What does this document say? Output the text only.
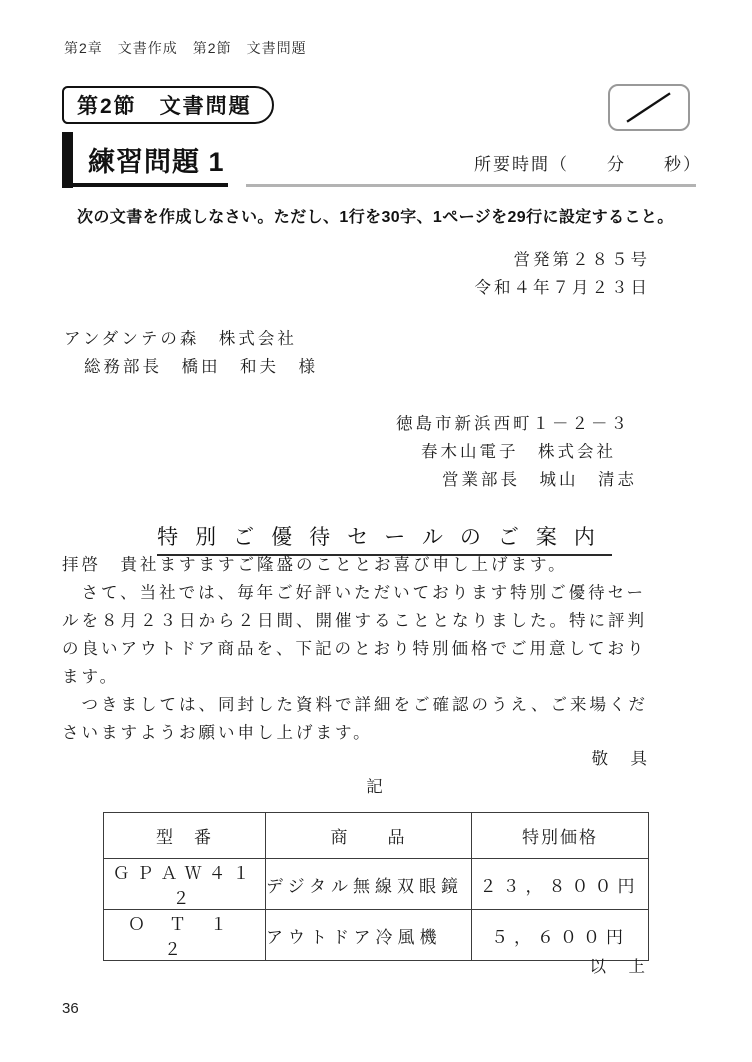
第2章　文書作成　第2節　文書問題
第2節　文書問題
練習問題 1	所要時間（　　分　　秒）
次の文書を作成しなさい。ただし、1行を30字、1ページを29行に設定すること。
営発第２８５号
令和４年７月２３日
アンダンテの森　株式会社
総務部長　橋田　和夫　様
徳島市新浜西町１－２－３
春木山電子　株式会社
営業部長　城山　清志
特別ご優待セールのご案内
拝啓　貴社ますますご隆盛のこととお喜び申し上げます。
　さて、当社では、毎年ご好評いただいております特別ご優待セー
ルを８月２３日から２日間、開催することとなりました。特に評判
の良いアウトドア商品を、下記のとおり特別価格でご用意しており
ます。
　つきましては、同封した資料で詳細をご確認のうえ、ご来場くだ
さいますようお願い申し上げます。
敬　具
記
型　番	商　　品	特別価格
ＧＰＡＷ４１２	デジタル無線双眼鏡	２３，８００円
ＯＴ１２	アウトドア冷風機	５，６００円
以　上
36
